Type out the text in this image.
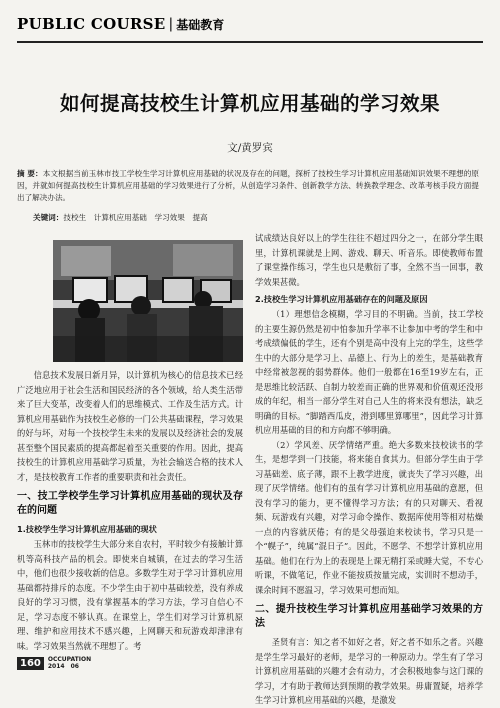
PUBLIC COURSE | 基础教育
如何提高技校生计算机应用基础的学习效果
文/黄罗宾
摘 要：本文根据当前玉林市技工学校生学习计算机应用基础的状况及存在的问题，探析了技校生学习计算机应用基础知识效果不理想的原因，并就如何提高技校生计算机应用基础的学习效果进行了分析，从创造学习条件、创新教学方法、转换教学理念、改革考核手段方面提出了解决办法。
关键词：技校生　计算机应用基础　学习效果　提高

信息技术发展日新月异，以计算机为核心的信息技术已经广泛地应用于社会生活和国民经济的各个领域，给人类生活带来了巨大变革，改变着人们的思维模式、工作及生活方式。计算机应用基础作为技校生必修的一门公共基础课程，学习效果的好与坏，对每一个技校学生未来的发展以及经济社会的发展甚至整个国民素质的提高都起着至关重要的作用。因此，提高技校生的计算机应用基础学习质量，为社会输送合格的技术人才，是技校教育工作者的重要职责和社会责任。

一、技工学校学生学习计算机应用基础的现状及存在的问题
1.技校学生学习计算机应用基础的现状

玉林市的技校学生大部分来自农村，平时较少有接触计算机等高科技产品的机会。即使来自城镇，在过去的学习生活中，他们也很少接收新的信息。多数学生对于学习计算机应用基础都持排斥的态度。不少学生由于初中基础较差，没有养成良好的学习习惯，没有掌握基本的学习方法，学习自信心不足，学习态度不够认真。在课堂上，学生们对学习计算机原理、维护和应用技术不感兴趣，上网聊天和玩游戏却津津有味。学习效果当然就不理想了。考

试成绩达良好以上的学生往往不超过四分之一，在部分学生眼里，计算机课就是上网、游戏、聊天、听音乐。即使教师布置了课堂操作练习，学生也只是敷衍了事，全然不当一回事，教学效果甚微。

2.技校生学习计算机应用基础存在的问题及原因

（1）理想信念模糊，学习目的不明确。当前，技工学校的主要生源仍然是初中怕参加升学率不让参加中考的学生和中考成绩偏低的学生，还有个别是高中没有上完的学生，这些学生中的大部分是学习上、品德上、行为上的差生，是基础教育中经常被忽视的弱势群体。他们一般都在16至19岁左右，正是思维比较活跃、自制力较差而正确的世界观和价值观还没形成的年纪，相当一部分学生对自己人生的将来没有想法，缺乏明确的目标。“脚踏西瓜皮，滑到哪里算哪里”，因此学习计算机应用基础的目的和方向都不够明确。

（2）学风差、厌学情绪严重。绝大多数来技校读书的学生，是想学到一门技能，将来能自食其力。但部分学生由于学习基础差、底子薄，跟不上教学进度，就丧失了学习兴趣，出现了厌学情绪。他们有的虽有学习计算机应用基础的意愿，但没有学习的能力，更不懂得学习方法；有的只对聊天、看视频、玩游戏有兴趣，对学习命令操作、数据库使用等相对枯燥一点的内容就厌倦；有的是父母强迫来校读书，学习只是一个“幌子”，纯属“混日子”。因此，不愿学、不想学计算机应用基础。他们在行为上的表现是上课无精打采或睡大觉，不专心听课，不做笔记，作业不能按质按量完成，实训时不想动手，课余时间不愿温习，学习效果可想而知。

二、提升技校生学习计算机应用基础学习效果的方法

圣贤有言：知之者不如好之者，好之者不如乐之者。兴趣是学生学习最好的老师，是学习的一种原动力。学生有了学习计算机应用基础的兴趣才会有动力，才会积极地参与这门课的学习，才有助于教师达到预期的教学效果。毋庸置疑，培养学生学习计算机应用基础的兴趣，是激发

160	OCCUPATION
2014　06
